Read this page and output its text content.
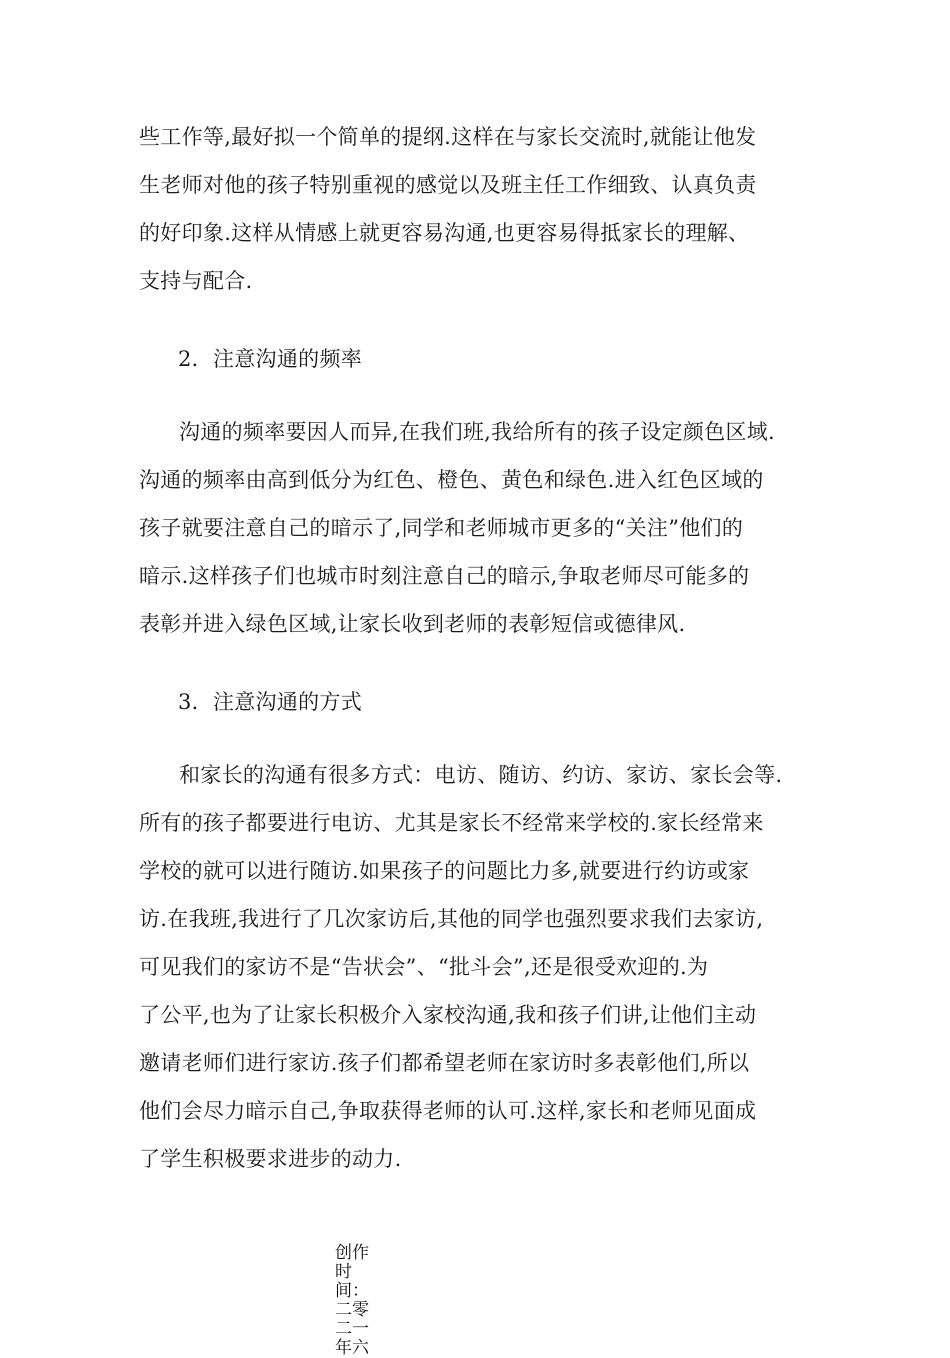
些工作等,最好拟一个简单的提纲.这样在与家长交流时,就能让他发
生老师对他的孩子特别重视的感觉以及班主任工作细致、认真负责
的好印象.这样从情感上就更容易沟通,也更容易得抵家长的理解、
支持与配合.
2．注意沟通的频率
沟通的频率要因人而异,在我们班,我给所有的孩子设定颜色区域.
沟通的频率由高到低分为红色、橙色、黄色和绿色.进入红色区域的
孩子就要注意自己的暗示了,同学和老师城市更多的“关注”他们的
暗示.这样孩子们也城市时刻注意自己的暗示,争取老师尽可能多的
表彰并进入绿色区域,让家长收到老师的表彰短信或德律风.
3．注意沟通的方式
和家长的沟通有很多方式：电访、随访、约访、家访、家长会等.
所有的孩子都要进行电访、尤其是家长不经常来学校的.家长经常来
学校的就可以进行随访.如果孩子的问题比力多,就要进行约访或家
访.在我班,我进行了几次家访后,其他的同学也强烈要求我们去家访,
可见我们的家访不是“告状会”、“批斗会”,还是很受欢迎的.为
了公平,也为了让家长积极介入家校沟通,我和孩子们讲,让他们主动
邀请老师们进行家访.孩子们都希望老师在家访时多表彰他们,所以
他们会尽力暗示自己,争取获得老师的认可.这样,家长和老师见面成
了学生积极要求进步的动力.
创作时间：二零二一年六
